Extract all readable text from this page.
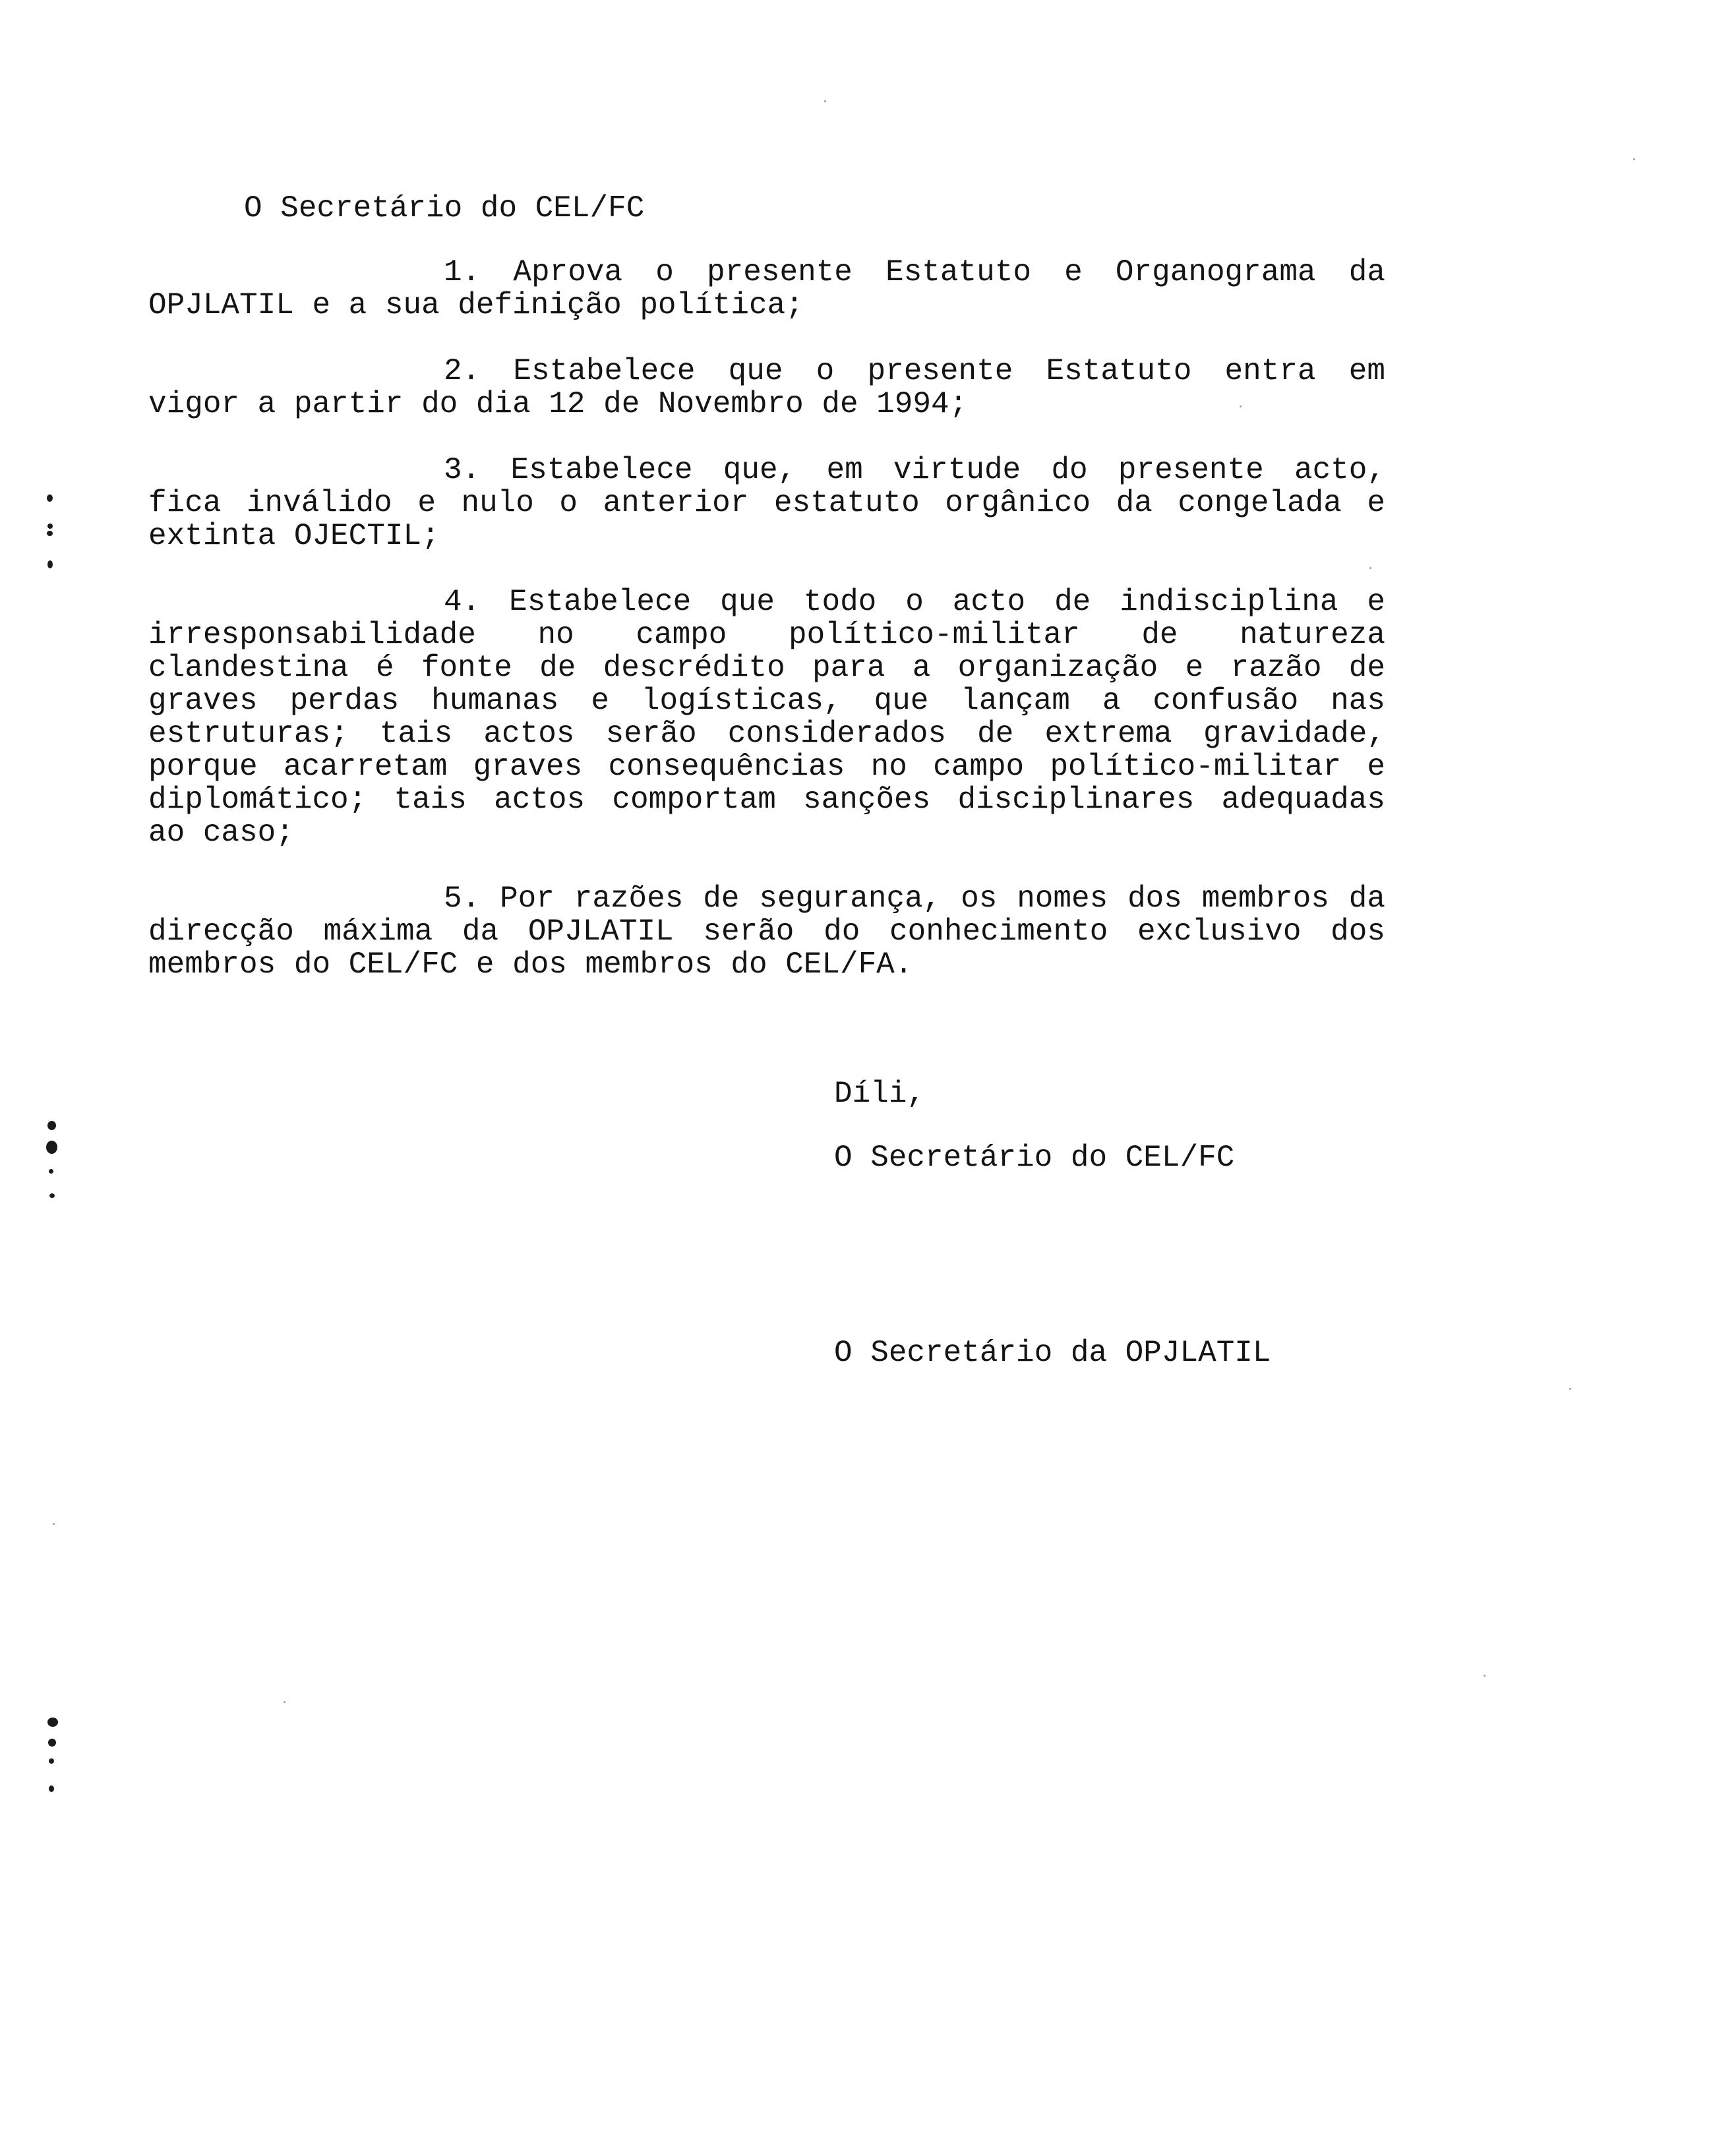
O Secretário do CEL/FC

1. Aprova o presente Estatuto e Organograma da OPJLATIL e a sua definição política;

2. Estabelece que o presente Estatuto entra em vigor a partir do dia 12 de Novembro de 1994;

3. Estabelece que, em virtude do presente acto, fica inválido e nulo o anterior estatuto orgânico da congelada e extinta OJECTIL;

4. Estabelece que todo o acto de indisciplina e irresponsabilidade no campo político-militar de natureza clandestina é fonte de descrédito para a organização e razão de graves perdas humanas e logísticas, que lançam a confusão nas estruturas; tais actos serão considerados de extrema gravidade, porque acarretam graves consequências no campo político-militar e diplomático; tais actos comportam sanções disciplinares adequadas ao caso;

5. Por razões de segurança, os nomes dos membros da direcção máxima da OPJLATIL serão do conhecimento exclusivo dos membros do CEL/FC e dos membros do CEL/FA.

Díli,
O Secretário do CEL/FC
O Secretário da OPJLATIL
